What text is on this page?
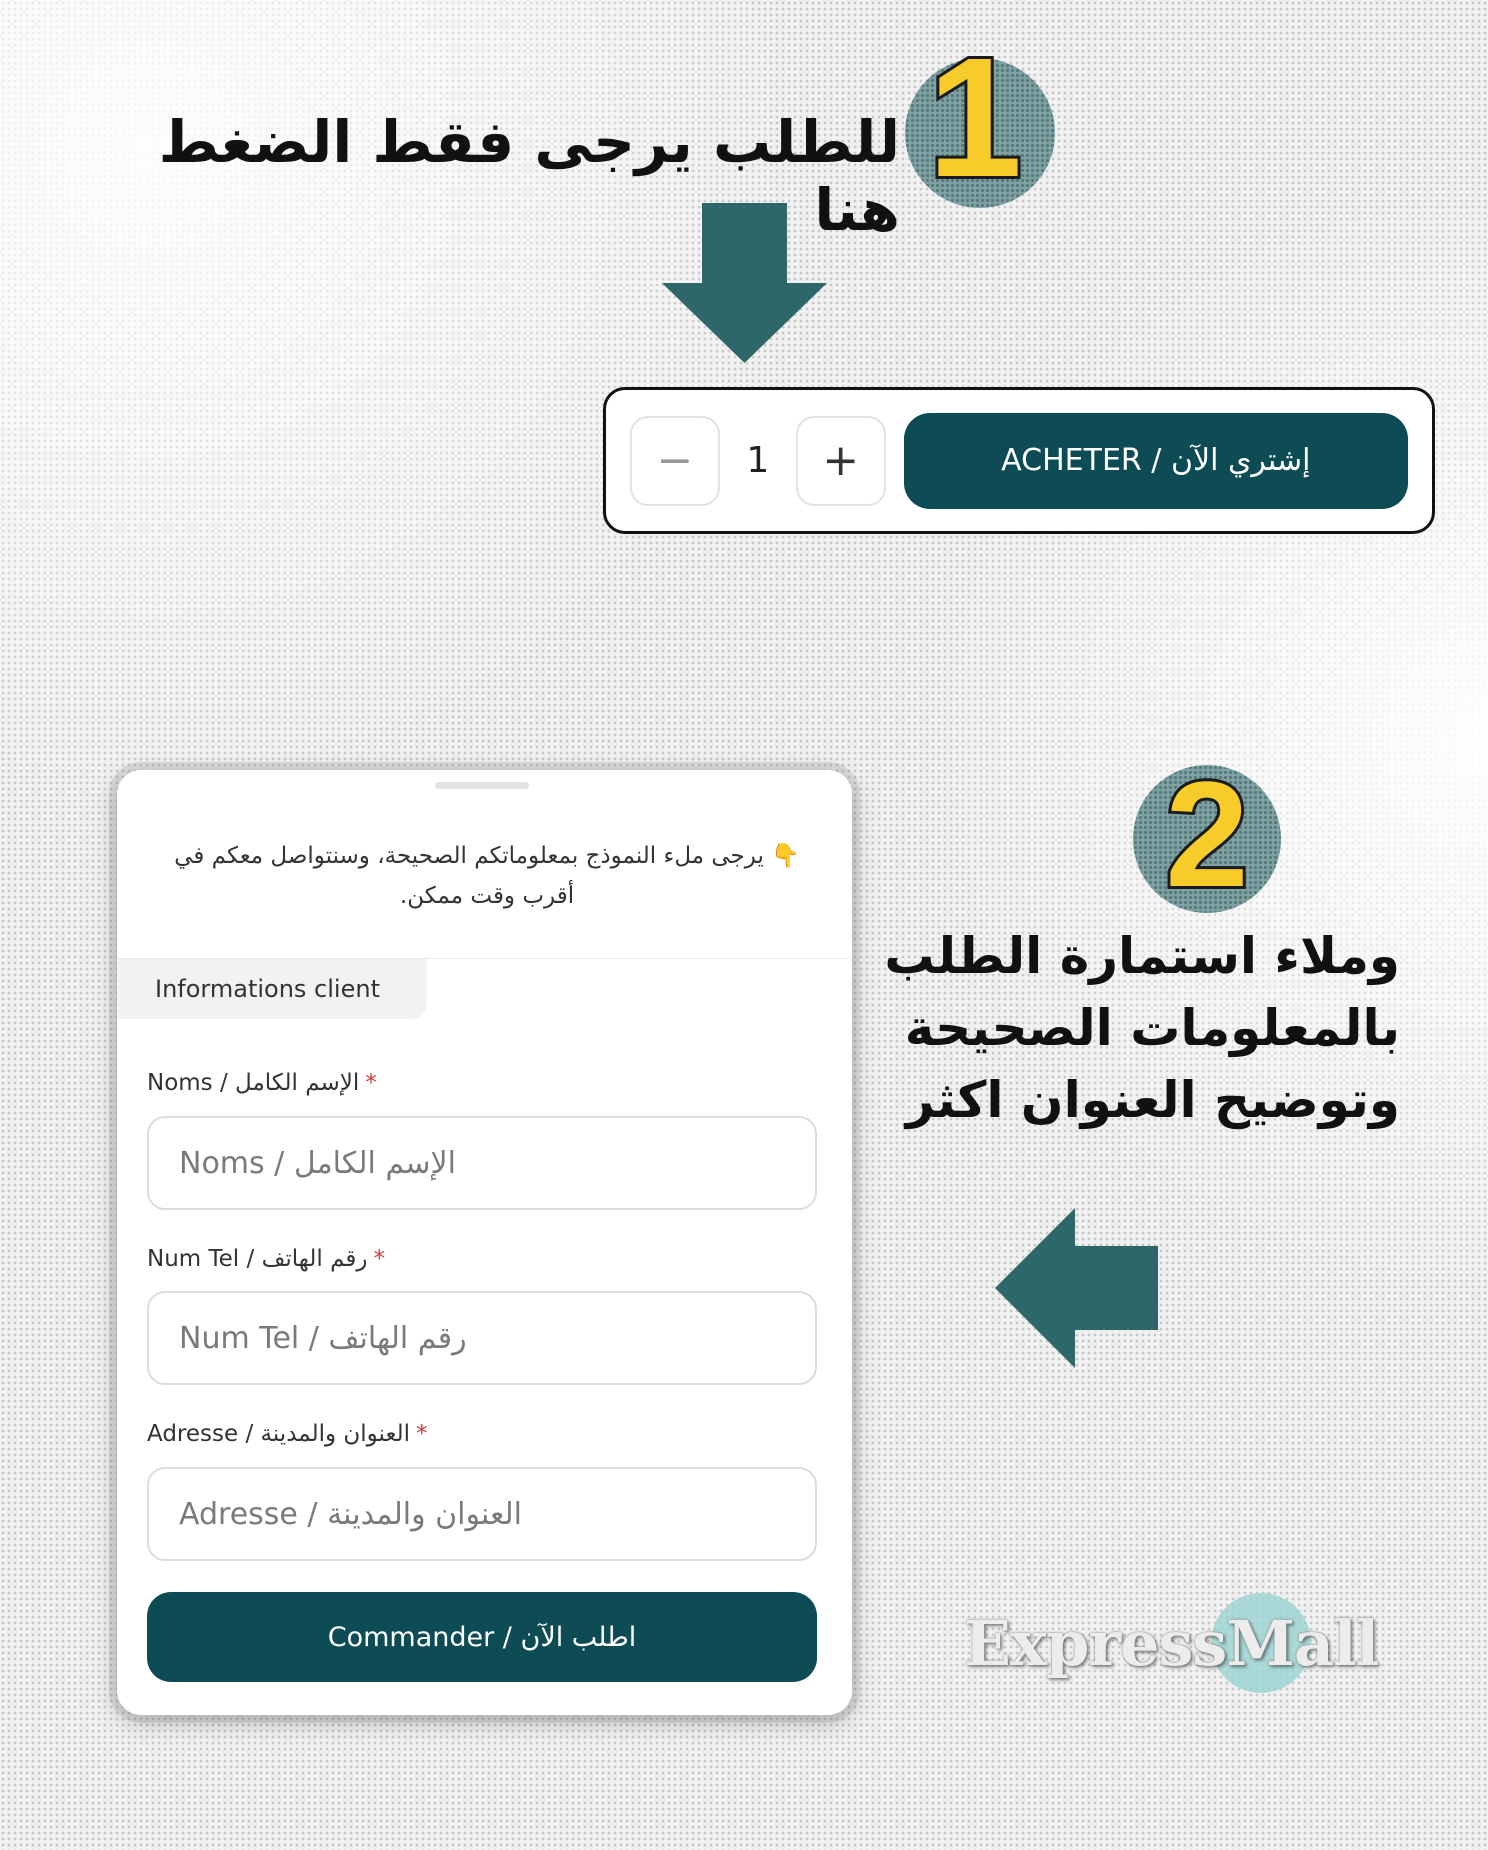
للطلب يرجى فقط الضغط هنا 1
−	1	+	ACHETER / إشتري الآن
👇 يرجى ملء النموذج بمعلوماتكم الصحيحة، وسنتواصل معكم في أقرب وقت ممكن.
Informations client
Noms / الإسم الكامل *
Noms / الإسم الكامل
Num Tel / رقم الهاتف *
Num Tel / رقم الهاتف
Adresse / العنوان والمدينة *
Adresse / العنوان والمدينة
Commander / اطلب الآن
2
وملاء استمارة الطلب
بالمعلومات الصحيحة
وتوضيح العنوان اكثر
ExpressMall
